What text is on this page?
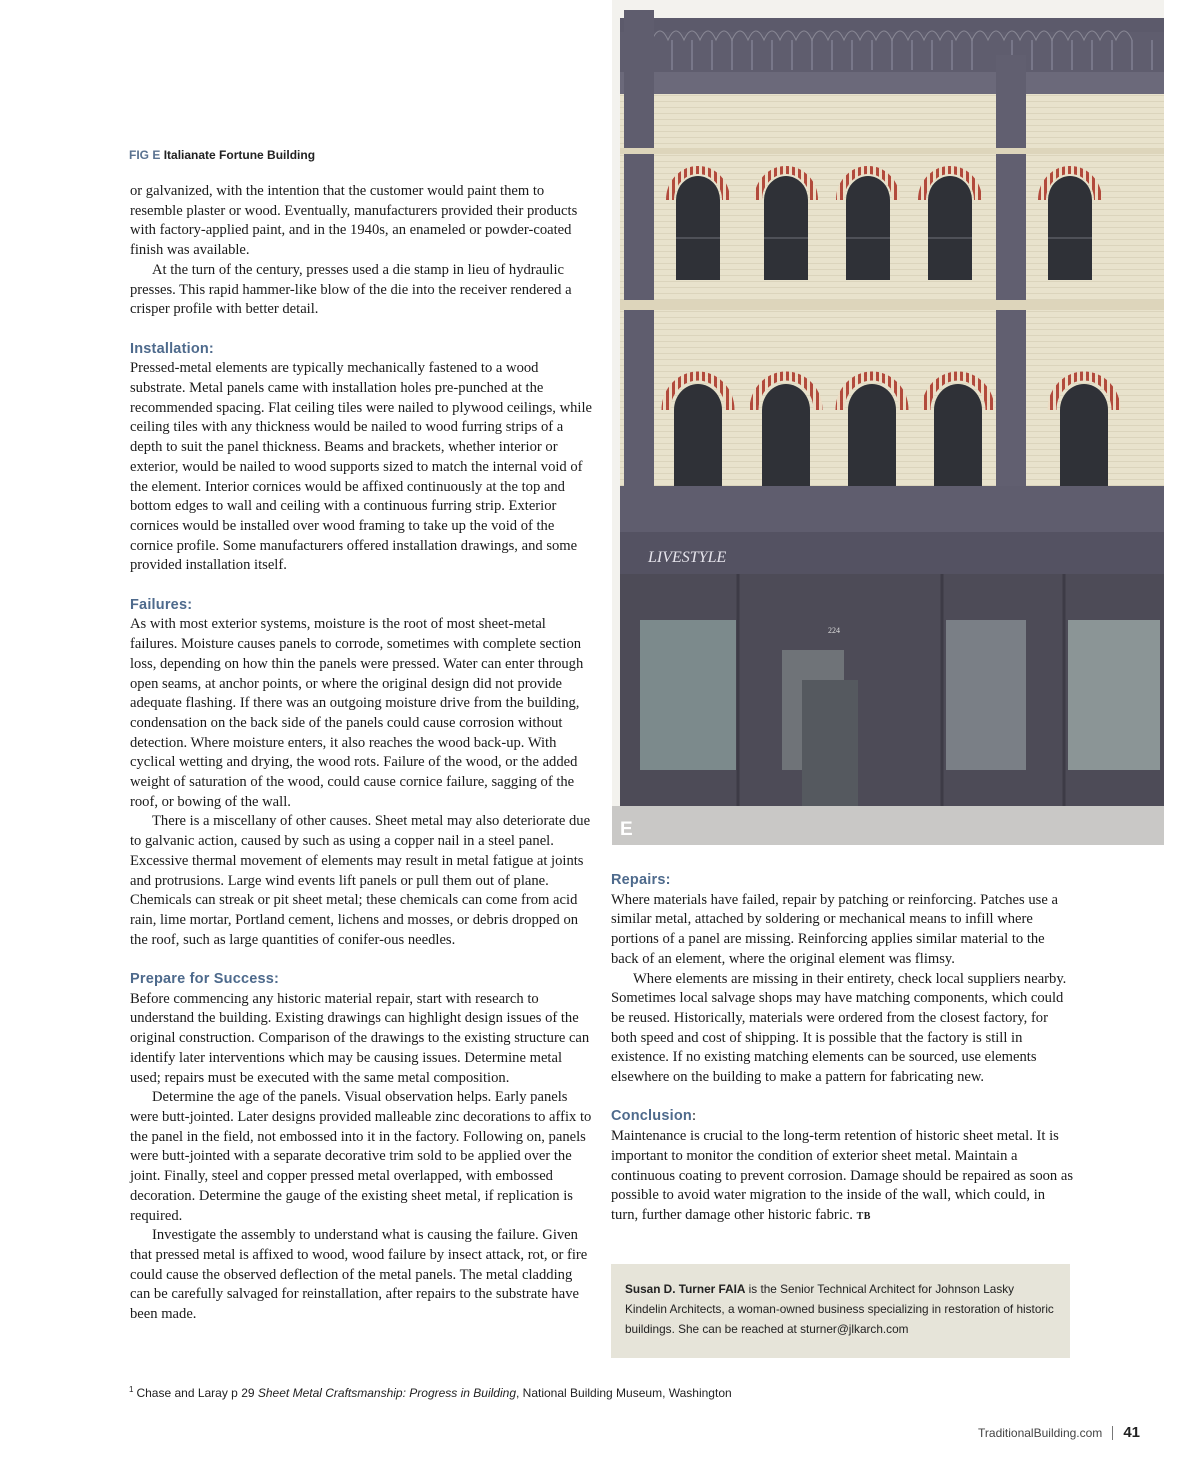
FIG E Italianate Fortune Building
LIVESTYLE
224
E

or galvanized, with the intention that the customer would paint them to resemble plaster or wood. Eventually, manufacturers provided their products with factory-applied paint, and in the 1940s, an enameled or powder-coated finish was available.

At the turn of the century, presses used a die stamp in lieu of hydraulic presses. This rapid hammer-like blow of the die into the receiver rendered a crisper profile with better detail.

Installation:

Pressed-metal elements are typically mechanically fastened to a wood substrate. Metal panels came with installation holes pre-punched at the recommended spacing. Flat ceiling tiles were nailed to plywood ceilings, while ceiling tiles with any thickness would be nailed to wood furring strips of a depth to suit the panel thickness. Beams and brackets, whether interior or exterior, would be nailed to wood supports sized to match the internal void of the element. Interior cornices would be affixed continuously at the top and bottom edges to wall and ceiling with a continuous furring strip. Exterior cornices would be installed over wood framing to take up the void of the cornice profile. Some manufacturers offered installation drawings, and some provided installation itself.

Failures:

As with most exterior systems, moisture is the root of most sheet-metal failures. Moisture causes panels to corrode, sometimes with complete section loss, depending on how thin the panels were pressed. Water can enter through open seams, at anchor points, or where the original design did not provide adequate flashing. If there was an outgoing moisture drive from the building, condensation on the back side of the panels could cause corrosion without detection. Where moisture enters, it also reaches the wood back-up. With cyclical wetting and drying, the wood rots. Failure of the wood, or the added weight of saturation of the wood, could cause cornice failure, sagging of the roof, or bowing of the wall.

There is a miscellany of other causes. Sheet metal may also deteriorate due to galvanic action, caused by such as using a copper nail in a steel panel. Excessive thermal movement of elements may result in metal fatigue at joints and protrusions. Large wind events lift panels or pull them out of plane. Chemicals can streak or pit sheet metal; these chemicals can come from acid rain, lime mortar, Portland cement, lichens and mosses, or debris dropped on the roof, such as large quantities of conifer-ous needles.

Prepare for Success:

Before commencing any historic material repair, start with research to understand the building. Existing drawings can highlight design issues of the original construction. Comparison of the drawings to the existing structure can identify later interventions which may be causing issues. Determine metal used; repairs must be executed with the same metal composition.

Determine the age of the panels. Visual observation helps. Early panels were butt-jointed. Later designs provided malleable zinc decorations to affix to the panel in the field, not embossed into it in the factory. Following on, panels were butt-jointed with a separate decorative trim sold to be applied over the joint. Finally, steel and copper pressed metal overlapped, with embossed decoration. Determine the gauge of the existing sheet metal, if replication is required.

Investigate the assembly to understand what is causing the failure. Given that pressed metal is affixed to wood, wood failure by insect attack, rot, or fire could cause the observed deflection of the metal panels. The metal cladding can be carefully salvaged for reinstallation, after repairs to the substrate have been made.

Repairs:

Where materials have failed, repair by patching or reinforcing. Patches use a similar metal, attached by soldering or mechanical means to infill where portions of a panel are missing. Reinforcing applies similar material to the back of an element, where the original element was flimsy.

Where elements are missing in their entirety, check local suppliers nearby. Sometimes local salvage shops may have matching components, which could be reused. Historically, materials were ordered from the closest factory, for both speed and cost of shipping. It is possible that the factory is still in existence. If no existing matching elements can be sourced, use elements elsewhere on the building to make a pattern for fabricating new.

Conclusion:

Maintenance is crucial to the long-term retention of historic sheet metal. It is important to monitor the condition of exterior sheet metal. Maintain a continuous coating to prevent corrosion. Damage should be repaired as soon as possible to avoid water migration to the inside of the wall, which could, in turn, further damage other historic fabric. TB

Susan D. Turner FAIA is the Senior Technical Architect for Johnson Lasky Kindelin Architects, a woman-owned business specializing in restoration of historic buildings. She can be reached at sturner@jlkarch.com
$^1$ Chase and Laray p 29 Sheet Metal Craftsmanship: Progress in Building, National Building Museum, Washington
TraditionalBuilding.com 41
